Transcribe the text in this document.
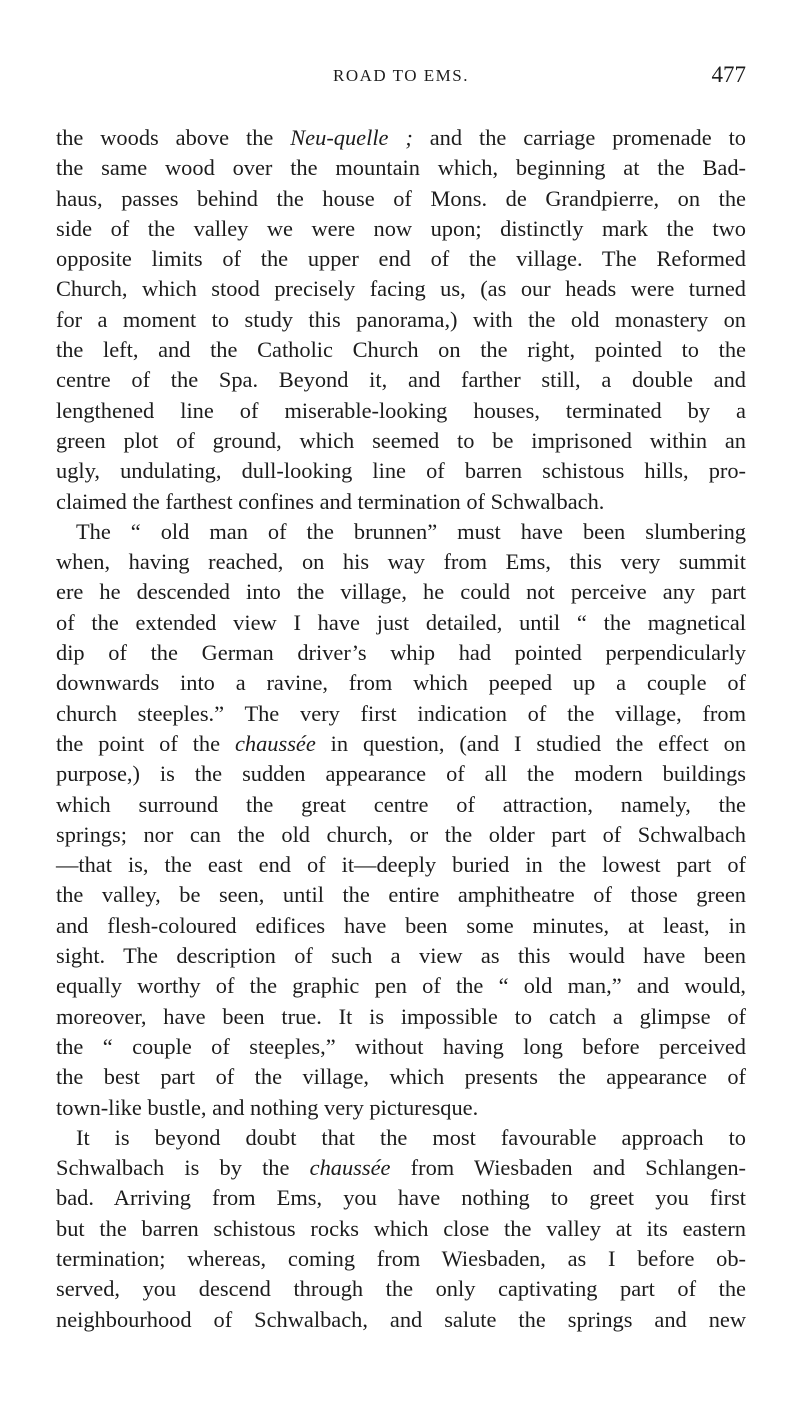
ROAD TO EMS.	477
the woods above the Neu-quelle ; and the carriage promenade to
the same wood over the mountain which, beginning at the Bad-
haus, passes behind the house of Mons. de Grandpierre, on the
side of the valley we were now upon; distinctly mark the two
opposite limits of the upper end of the village. The Reformed
Church, which stood precisely facing us, (as our heads were turned
for a moment to study this panorama,) with the old monastery on
the left, and the Catholic Church on the right, pointed to the
centre of the Spa. Beyond it, and farther still, a double and
lengthened line of miserable-looking houses, terminated by a
green plot of ground, which seemed to be imprisoned within an
ugly, undulating, dull-looking line of barren schistous hills, pro-
claimed the farthest confines and termination of Schwalbach.
The “ old man of the brunnen” must have been slumbering
when, having reached, on his way from Ems, this very summit
ere he descended into the village, he could not perceive any part
of the extended view I have just detailed, until “ the magnetical
dip of the German driver’s whip had pointed perpendicularly
downwards into a ravine, from which peeped up a couple of
church steeples.” The very first indication of the village, from
the point of the chaussée in question, (and I studied the effect on
purpose,) is the sudden appearance of all the modern buildings
which surround the great centre of attraction, namely, the
springs; nor can the old church, or the older part of Schwalbach
—that is, the east end of it—deeply buried in the lowest part of
the valley, be seen, until the entire amphitheatre of those green
and flesh-coloured edifices have been some minutes, at least, in
sight. The description of such a view as this would have been
equally worthy of the graphic pen of the “ old man,” and would,
moreover, have been true. It is impossible to catch a glimpse of
the “ couple of steeples,” without having long before perceived
the best part of the village, which presents the appearance of
town-like bustle, and nothing very picturesque.
It is beyond doubt that the most favourable approach to
Schwalbach is by the chaussée from Wiesbaden and Schlangen-
bad. Arriving from Ems, you have nothing to greet you first
but the barren schistous rocks which close the valley at its eastern
termination; whereas, coming from Wiesbaden, as I before ob-
served, you descend through the only captivating part of the
neighbourhood of Schwalbach, and salute the springs and new
